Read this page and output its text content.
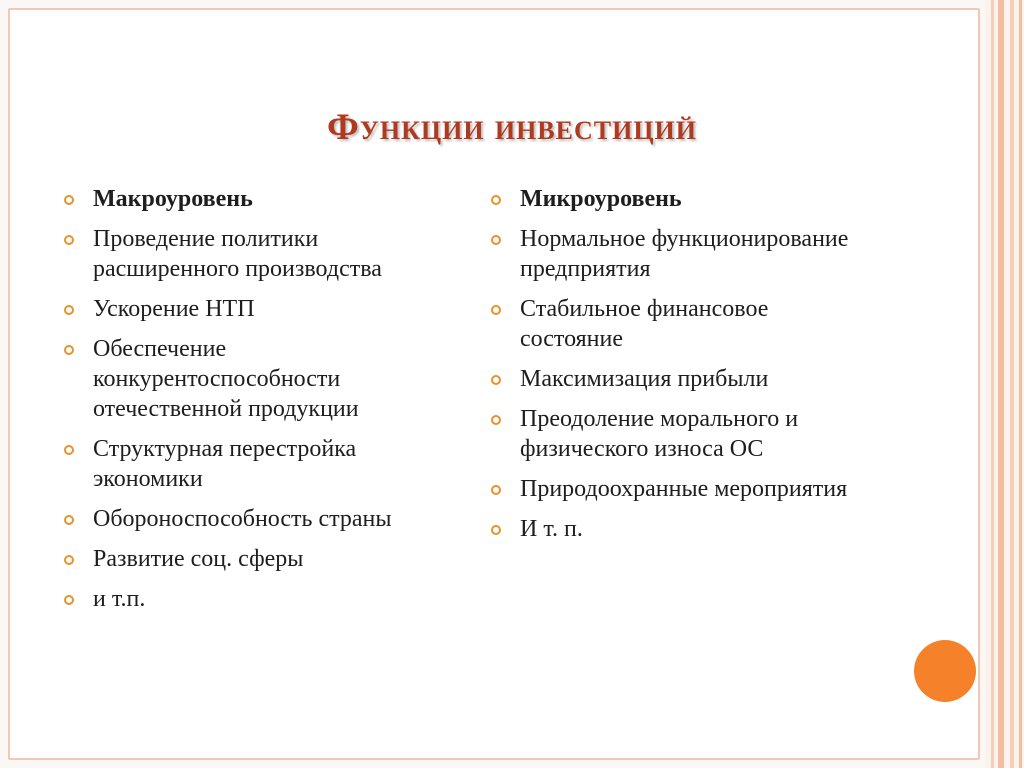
Функции инвестиций
Макроуровень
Проведение политики расширенного производства
Ускорение НТП
Обеспечение конкурентоспособности отечественной продукции
Структурная перестройка экономики
Обороноспособность страны
Развитие соц. сферы
и т.п.
Микроуровень
Нормальное функционирование предприятия
Стабильное финансовое состояние
Максимизация прибыли
Преодоление морального и физического износа ОС
Природоохранные мероприятия
И т. п.
